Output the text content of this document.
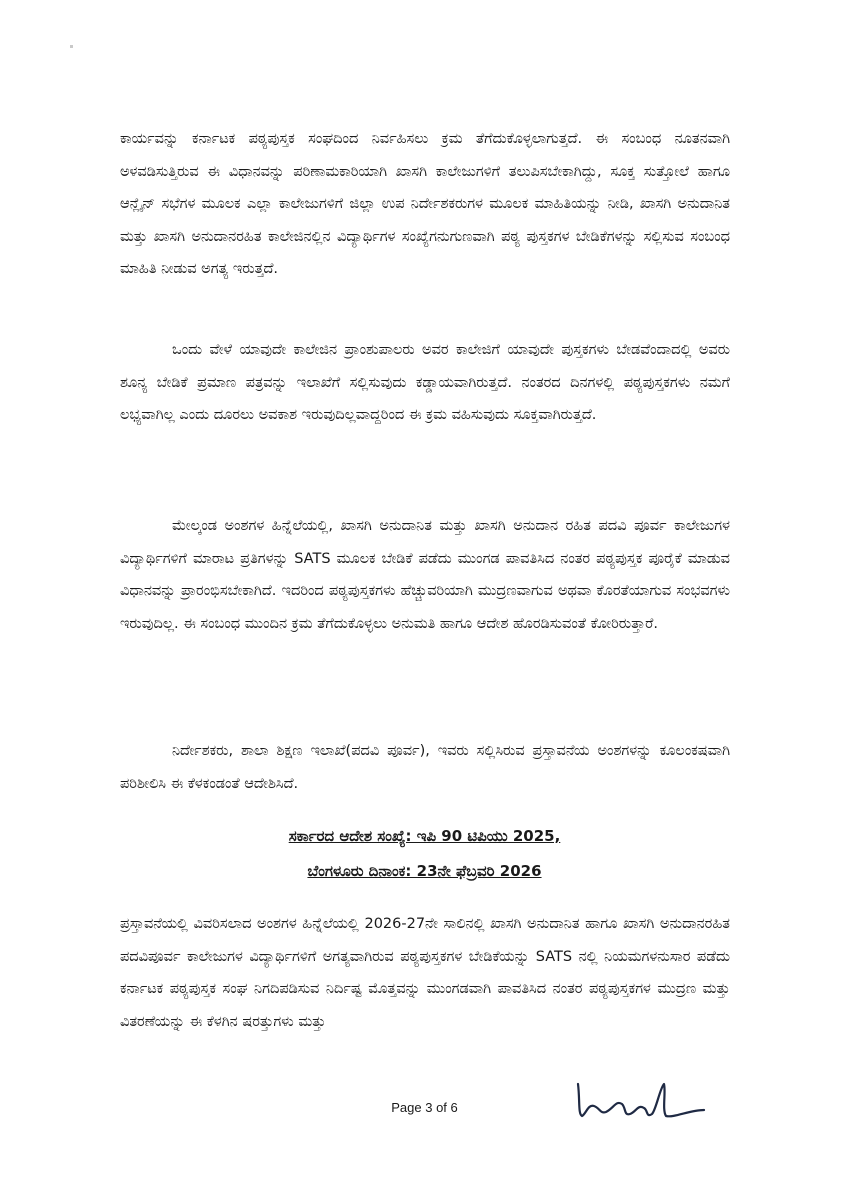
ಕಾರ್ಯವನ್ನು ಕರ್ನಾಟಕ ಪಠ್ಯಪುಸ್ತಕ ಸಂಘದಿಂದ ನಿರ್ವಹಿಸಲು ಕ್ರಮ ತೆಗೆದುಕೊಳ್ಳಲಾಗುತ್ತದೆ. ಈ ಸಂಬಂಧ ನೂತನವಾಗಿ ಅಳವಡಿಸುತ್ತಿರುವ ಈ ವಿಧಾನವನ್ನು ಪರಿಣಾಮಕಾರಿಯಾಗಿ ಖಾಸಗಿ ಕಾಲೇಜುಗಳಿಗೆ ತಲುಪಿಸಬೇಕಾಗಿದ್ದು, ಸೂಕ್ತ ಸುತ್ತೋಲೆ ಹಾಗೂ ಆನ್ಲೈನ್ ಸಭೆಗಳ ಮೂಲಕ ಎಲ್ಲಾ ಕಾಲೇಜುಗಳಿಗೆ ಜಿಲ್ಲಾ ಉಪ ನಿರ್ದೇಶಕರುಗಳ ಮೂಲಕ ಮಾಹಿತಿಯನ್ನು ನೀಡಿ, ಖಾಸಗಿ ಅನುದಾನಿತ ಮತ್ತು ಖಾಸಗಿ ಅನುದಾನರಹಿತ ಕಾಲೇಜಿನಲ್ಲಿನ ವಿದ್ಯಾರ್ಥಿಗಳ ಸಂಖ್ಯೆಗನುಗುಣವಾಗಿ ಪಠ್ಯ ಪುಸ್ತಕಗಳ ಬೇಡಿಕೆಗಳನ್ನು ಸಲ್ಲಿಸುವ ಸಂಬಂಧ ಮಾಹಿತಿ ನೀಡುವ ಅಗತ್ಯ ಇರುತ್ತದೆ.

ಒಂದು ವೇಳೆ ಯಾವುದೇ ಕಾಲೇಜಿನ ಪ್ರಾಂಶುಪಾಲರು ಅವರ ಕಾಲೇಜಿಗೆ ಯಾವುದೇ ಪುಸ್ತಕಗಳು ಬೇಡವೆಂದಾದಲ್ಲಿ ಅವರು ಶೂನ್ಯ ಬೇಡಿಕೆ ಪ್ರಮಾಣ ಪತ್ರವನ್ನು ಇಲಾಖೆಗೆ ಸಲ್ಲಿಸುವುದು ಕಡ್ಡಾಯವಾಗಿರುತ್ತದೆ. ನಂತರದ ದಿನಗಳಲ್ಲಿ ಪಠ್ಯಪುಸ್ತಕಗಳು ನಮಗೆ ಲಭ್ಯವಾಗಿಲ್ಲ ಎಂದು ದೂರಲು ಅವಕಾಶ ಇರುವುದಿಲ್ಲವಾದ್ದರಿಂದ ಈ ಕ್ರಮ ವಹಿಸುವುದು ಸೂಕ್ತವಾಗಿರುತ್ತದೆ.

ಮೇಲ್ಕಂಡ ಅಂಶಗಳ ಹಿನ್ನೆಲೆಯಲ್ಲಿ, ಖಾಸಗಿ ಅನುದಾನಿತ ಮತ್ತು ಖಾಸಗಿ ಅನುದಾನ ರಹಿತ ಪದವಿ ಪೂರ್ವ ಕಾಲೇಜುಗಳ ವಿದ್ಯಾರ್ಥಿಗಳಿಗೆ ಮಾರಾಟ ಪ್ರತಿಗಳನ್ನು SATS ಮೂಲಕ ಬೇಡಿಕೆ ಪಡೆದು ಮುಂಗಡ ಪಾವತಿಸಿದ ನಂತರ ಪಠ್ಯಪುಸ್ತಕ ಪೂರೈಕೆ ಮಾಡುವ ವಿಧಾನವನ್ನು ಪ್ರಾರಂಭಿಸಬೇಕಾಗಿದೆ. ಇದರಿಂದ ಪಠ್ಯಪುಸ್ತಕಗಳು ಹೆಚ್ಚುವರಿಯಾಗಿ ಮುದ್ರಣವಾಗುವ ಅಥವಾ ಕೊರತೆಯಾಗುವ ಸಂಭವಗಳು ಇರುವುದಿಲ್ಲ. ಈ ಸಂಬಂಧ ಮುಂದಿನ ಕ್ರಮ ತೆಗೆದುಕೊಳ್ಳಲು ಅನುಮತಿ ಹಾಗೂ ಆದೇಶ ಹೊರಡಿಸುವಂತೆ ಕೋರಿರುತ್ತಾರೆ.

ನಿರ್ದೇಶಕರು, ಶಾಲಾ ಶಿಕ್ಷಣ ಇಲಾಖೆ(ಪದವಿ ಪೂರ್ವ), ಇವರು ಸಲ್ಲಿಸಿರುವ ಪ್ರಸ್ತಾವನೆಯ ಅಂಶಗಳನ್ನು ಕೂಲಂಕಷವಾಗಿ ಪರಿಶೀಲಿಸಿ ಈ ಕೆಳಕಂಡಂತೆ ಆದೇಶಿಸಿದೆ.

ಸರ್ಕಾರದ ಆದೇಶ ಸಂಖ್ಯೆ: ಇಪಿ 90 ಟಿಪಿಯು 2025,
ಬೆಂಗಳೂರು ದಿನಾಂಕ: 23ನೇ ಫೆಬ್ರವರಿ 2026

ಪ್ರಸ್ತಾವನೆಯಲ್ಲಿ ವಿವರಿಸಲಾದ ಅಂಶಗಳ ಹಿನ್ನೆಲೆಯಲ್ಲಿ 2026-27ನೇ ಸಾಲಿನಲ್ಲಿ ಖಾಸಗಿ ಅನುದಾನಿತ ಹಾಗೂ ಖಾಸಗಿ ಅನುದಾನರಹಿತ ಪದವಿಪೂರ್ವ ಕಾಲೇಜುಗಳ ವಿದ್ಯಾರ್ಥಿಗಳಿಗೆ ಅಗತ್ಯವಾಗಿರುವ ಪಠ್ಯಪುಸ್ತಕಗಳ ಬೇಡಿಕೆಯನ್ನು SATS ನಲ್ಲಿ ನಿಯಮಗಳನುಸಾರ ಪಡೆದು ಕರ್ನಾಟಕ ಪಠ್ಯಪುಸ್ತಕ ಸಂಘ ನಿಗದಿಪಡಿಸುವ ನಿರ್ದಿಷ್ಟ ಮೊತ್ತವನ್ನು ಮುಂಗಡವಾಗಿ ಪಾವತಿಸಿದ ನಂತರ ಪಠ್ಯಪುಸ್ತಕಗಳ ಮುದ್ರಣ ಮತ್ತು ವಿತರಣೆಯನ್ನು ಈ ಕೆಳಗಿನ ಷರತ್ತುಗಳು ಮತ್ತು

Page 3 of 6
